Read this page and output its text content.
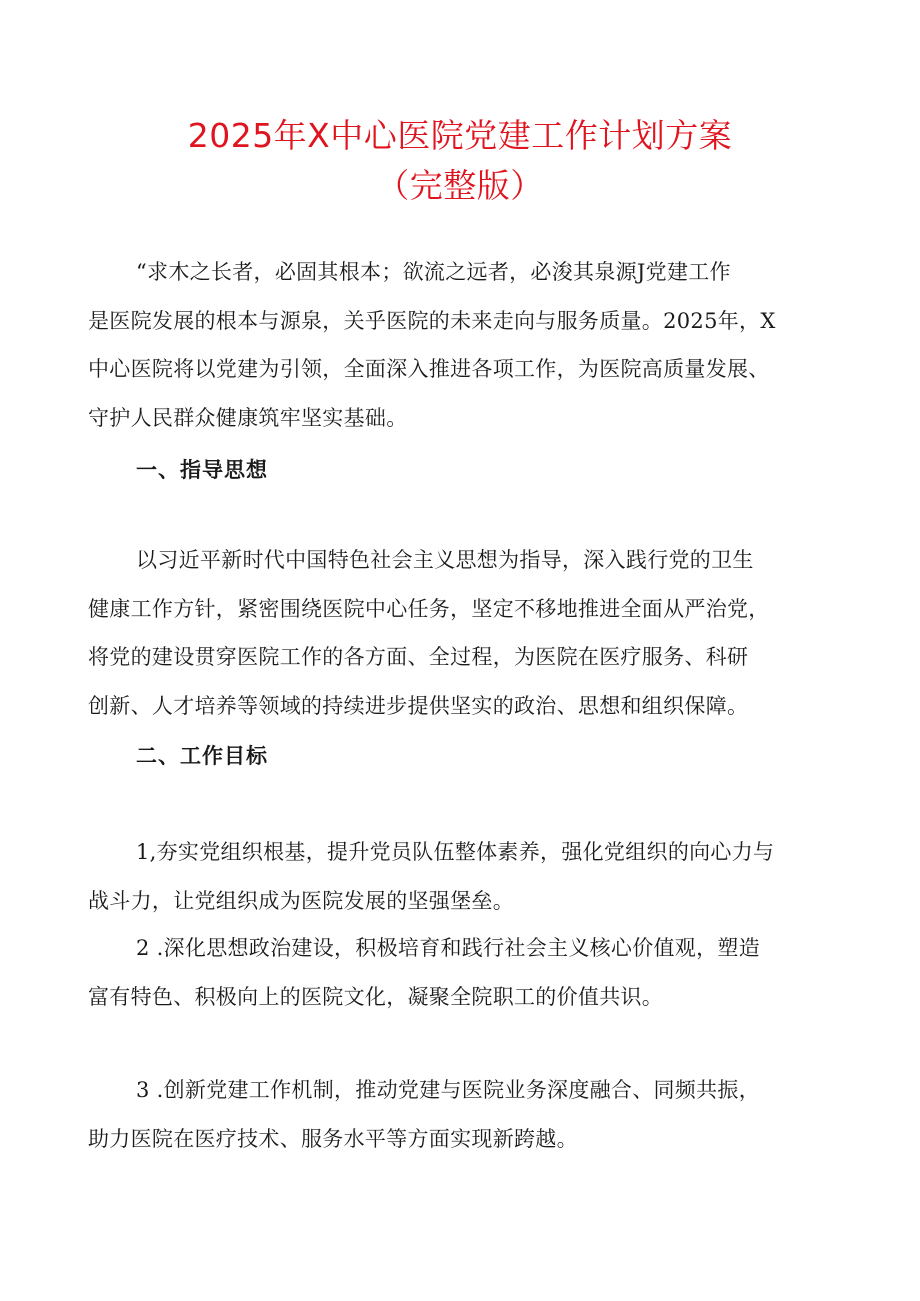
2025年X中心医院党建工作计划方案
（完整版）

“求木之长者，必固其根本；欲流之远者，必浚其泉源J党建工作
是医院发展的根本与源泉，关乎医院的未来走向与服务质量。2025年，X
中心医院将以党建为引领，全面深入推进各项工作，为医院高质量发展、
守护人民群众健康筑牢坚实基础。

一、指导思想

以习近平新时代中国特色社会主义思想为指导，深入践行党的卫生
健康工作方针，紧密围绕医院中心任务，坚定不移地推进全面从严治党，
将党的建设贯穿医院工作的各方面、全过程，为医院在医疗服务、科研
创新、人才培养等领域的持续进步提供坚实的政治、思想和组织保障。

二、工作目标

1,夯实党组织根基，提升党员队伍整体素养，强化党组织的向心力与
战斗力，让党组织成为医院发展的坚强堡垒。

2 .深化思想政治建设，积极培育和践行社会主义核心价值观，塑造
富有特色、积极向上的医院文化，凝聚全院职工的价值共识。

3 .创新党建工作机制，推动党建与医院业务深度融合、同频共振，
助力医院在医疗技术、服务水平等方面实现新跨越。
